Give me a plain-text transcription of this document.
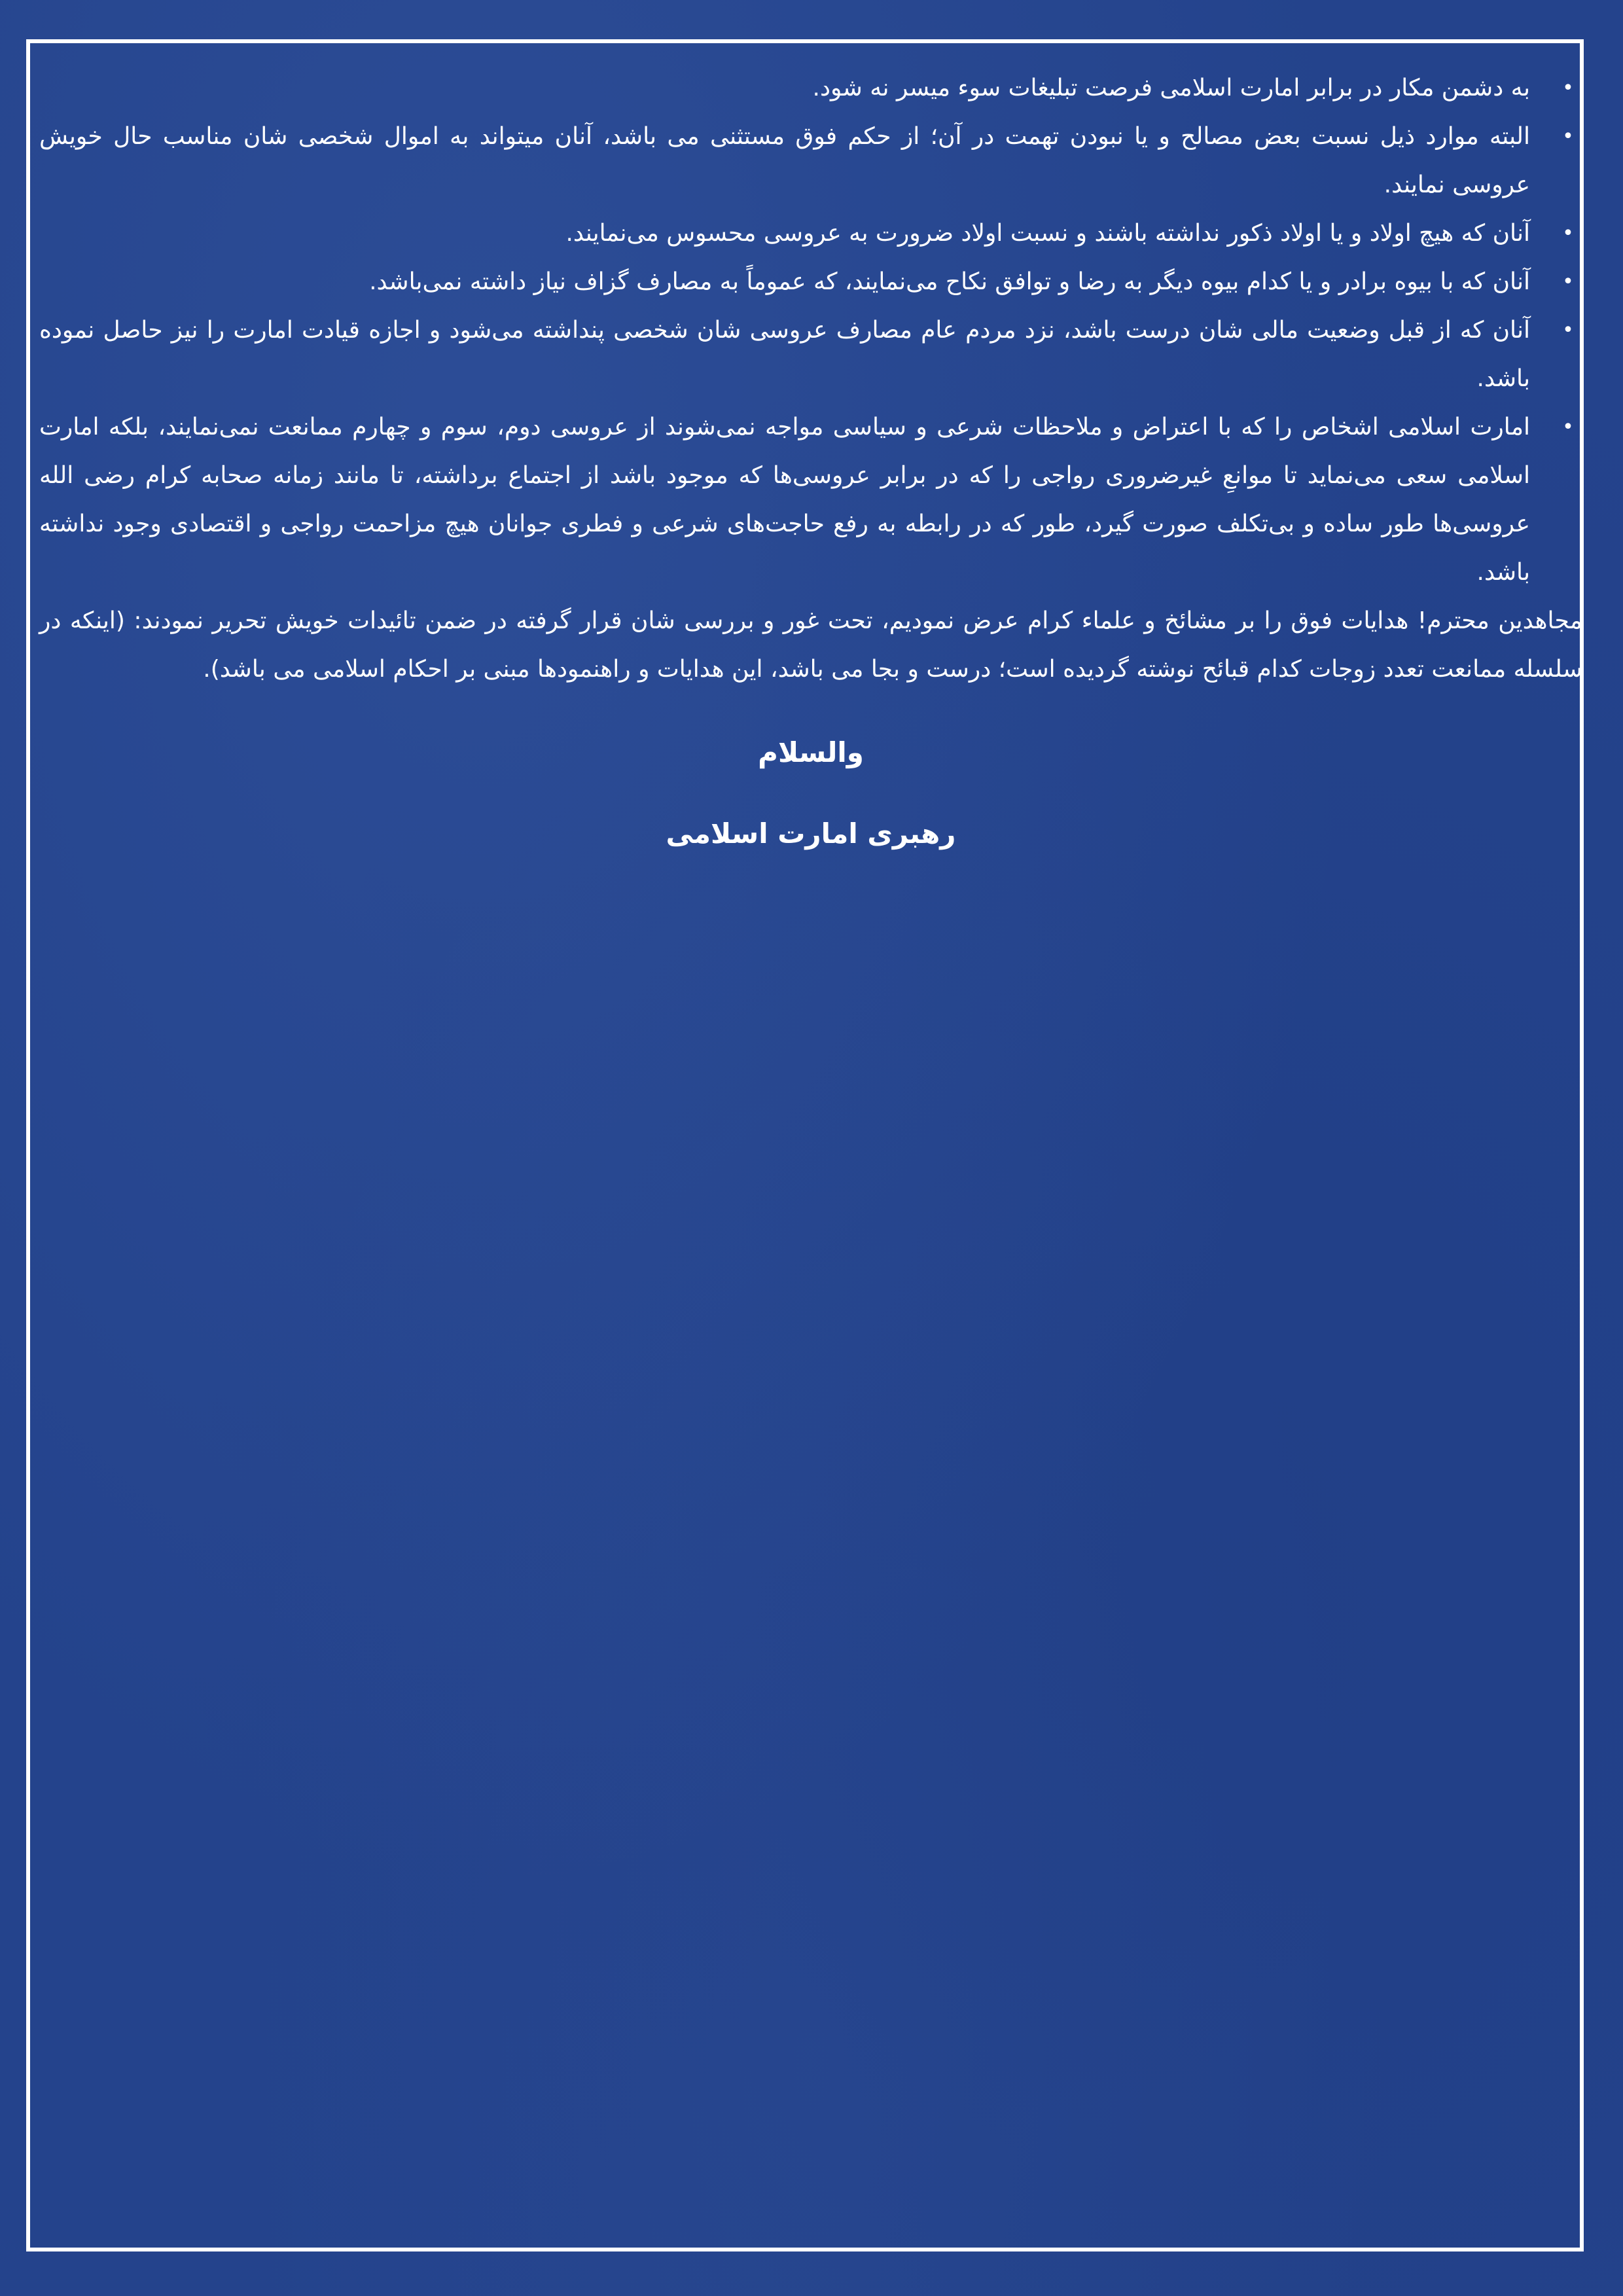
•
به دشمن مکار در برابر امارت اسلامی فرصت تبلیغات سوء میسر نه شود.
•
البته موارد ذیل نسبت بعض مصالح و یا نبودن تهمت در آن؛ از حکم فوق مستثنی می باشد، آنان میتواند به اموال شخصی شان مناسب حال خویش عروسی نمایند.
•
آنان که هیچ اولاد و یا اولاد ذکور نداشته باشند و نسبت اولاد ضرورت به عروسی محسوس می‌نمایند.
•
آنان که با بیوه برادر و یا کدام بیوه دیگر به رضا و توافق نکاح می‌نمایند، که عموماً به مصارف گزاف نیاز داشته نمی‌باشد.
•
آنان که از قبل وضعیت مالی شان درست باشد، نزد مردم عام مصارف عروسی شان شخصی پنداشته می‌شود و اجازه قیادت امارت را نیز حاصل نموده باشد.
•
امارت اسلامی اشخاص را که با اعتراض و ملاحظات شرعی و سیاسی مواجه نمی‌شوند از عروسی دوم، سوم و چهارم ممانعت نمی‌نمایند، بلکه امارت اسلامی سعی می‌نماید تا موانعِ غیرضروری رواجی را که در برابر عروسی‌ها که موجود باشد از اجتماع برداشته، تا مانند زمانه صحابه کرام رضی الله عروسی‌ها طور ساده و بی‌تکلف صورت گیرد، طور که در رابطه به رفع حاجت‌های شرعی و فطری جوانان هیچ مزاحمت رواجی و اقتصادی وجود نداشته باشد.

مجاهدین محترم! هدایات فوق را بر مشائخ و علماء کرام عرض نمودیم، تحت غور و بررسی شان قرار گرفته در ضمن تائیدات خویش تحریر نمودند: (اینکه در سلسله ممانعت تعدد زوجات کدام قبائح نوشته گردیده است؛ درست و بجا می باشد، این هدایات و راهنمودها مبنی بر احکام اسلامی می باشد).

والسلام
رهبری امارت اسلامی
